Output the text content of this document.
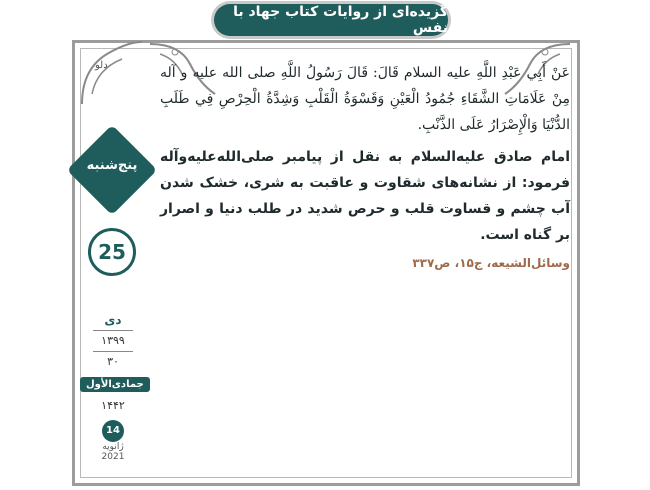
گزیده‌ای از روایات کتاب جهاد با نفس
دلو
پنج‌شنبه
25
دی
۱۳۹۹
۳۰
جمادی‌الأول
۱۴۴۲
14
ژانویه
2021
عَنْ أَبِي عَبْدِ اللَّهِ عليه السلام قَالَ: قَالَ رَسُولُ اللَّهِ صلى الله عليه و آله مِنْ عَلَامَاتِ الشَّقَاءِ جُمُودُ الْعَيْنِ وَقَسْوَةُ الْقَلْبِ وَشِدَّةُ الْحِرْصِ فِي طَلَبِ الدُّنْيَا وَالْإِصْرَارُ عَلَى الذَّنْبِ.
امام صادق علیه‌السلام به نقل از پیامبر صلی‌الله‌علیه‌وآله فرمود: از نشانه‌های شقاوت و عاقبت به شری، خشک شدن آب چشم و قساوت قلب و حرص شدید در طلب دنیا و اصرار بر گناه است.
وسائل‌الشیعه، ج۱۵، ص۳۳۷
